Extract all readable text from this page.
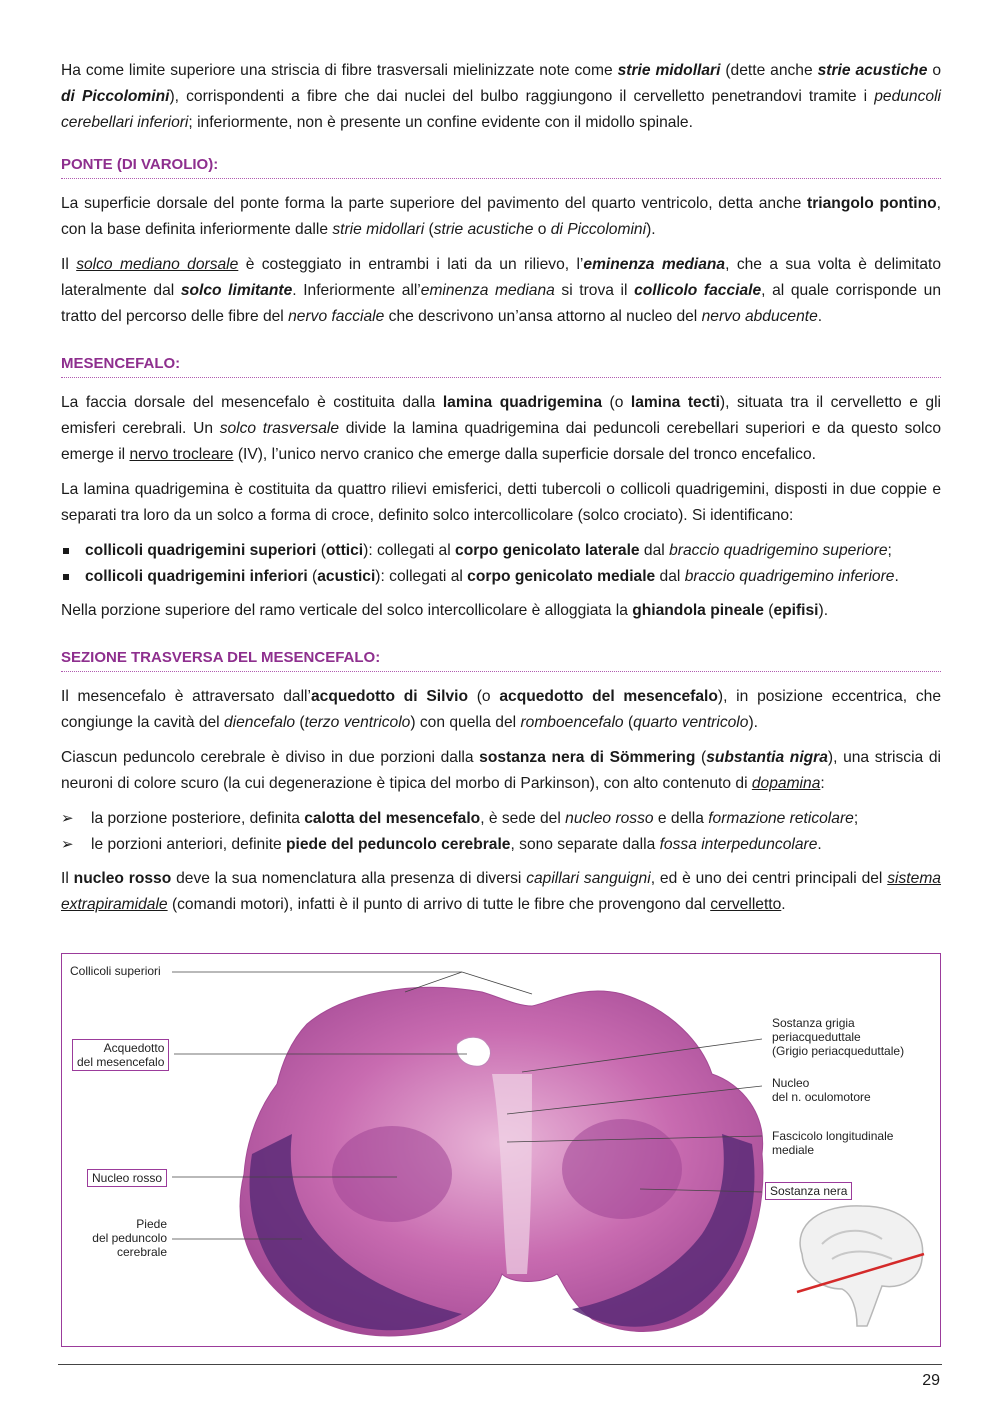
Ha come limite superiore una striscia di fibre trasversali mielinizzate note come strie midollari (dette anche strie acustiche o di Piccolomini), corrispondenti a fibre che dai nuclei del bulbo raggiungono il cervelletto penetrandovi tramite i peduncoli cerebellari inferiori; inferiormente, non è presente un confine evidente con il midollo spinale.

PONTE (DI VAROLIO):

La superficie dorsale del ponte forma la parte superiore del pavimento del quarto ventricolo, detta anche triangolo pontino, con la base definita inferiormente dalle strie midollari (strie acustiche o di Piccolomini).

Il solco mediano dorsale è costeggiato in entrambi i lati da un rilievo, l’eminenza mediana, che a sua volta è delimitato lateralmente dal solco limitante. Inferiormente all’eminenza mediana si trova il collicolo facciale, al quale corrisponde un tratto del percorso delle fibre del nervo facciale che descrivono un’ansa attorno al nucleo del nervo abducente.

MESENCEFALO:

La faccia dorsale del mesencefalo è costituita dalla lamina quadrigemina (o lamina tecti), situata tra il cervelletto e gli emisferi cerebrali. Un solco trasversale divide la lamina quadrigemina dai peduncoli cerebellari superiori e da questo solco emerge il nervo trocleare (IV), l’unico nervo cranico che emerge dalla superficie dorsale del tronco encefalico.

La lamina quadrigemina è costituita da quattro rilievi emisferici, detti tubercoli o collicoli quadrigemini, disposti in due coppie e separati tra loro da un solco a forma di croce, definito solco intercollicolare (solco crociato). Si identificano:

collicoli quadrigemini superiori (ottici): collegati al corpo genicolato laterale dal braccio quadrigemino superiore;
collicoli quadrigemini inferiori (acustici): collegati al corpo genicolato mediale dal braccio quadrigemino inferiore.

Nella porzione superiore del ramo verticale del solco intercollicolare è alloggiata la ghiandola pineale (epifisi).

SEZIONE TRASVERSA DEL MESENCEFALO:

Il mesencefalo è attraversato dall’acquedotto di Silvio (o acquedotto del mesencefalo), in posizione eccentrica, che congiunge la cavità del diencefalo (terzo ventricolo) con quella del romboencefalo (quarto ventricolo).

Ciascun peduncolo cerebrale è diviso in due porzioni dalla sostanza nera di Sömmering (substantia nigra), una striscia di neuroni di colore scuro (la cui degenerazione è tipica del morbo di Parkinson), con alto contenuto di dopamina:

➢ la porzione posteriore, definita calotta del mesencefalo, è sede del nucleo rosso e della formazione reticolare;
➢ le porzioni anteriori, definite piede del peduncolo cerebrale, sono separate dalla fossa interpeduncolare.

Il nucleo rosso deve la sua nomenclatura alla presenza di diversi capillari sanguigni, ed è uno dei centri principali del sistema extrapiramidale (comandi motori), infatti è il punto di arrivo di tutte le fibre che provengono dal cervelletto.

Collicoli superiori
Acquedotto
del mesencefalo
Nucleo rosso
Piede
del peduncolo
cerebrale
Sostanza grigia
periacqueduttale
(Grigio periacqueduttale)
Nucleo
del n. oculomotore
Fascicolo longitudinale
mediale
Sostanza nera
29
